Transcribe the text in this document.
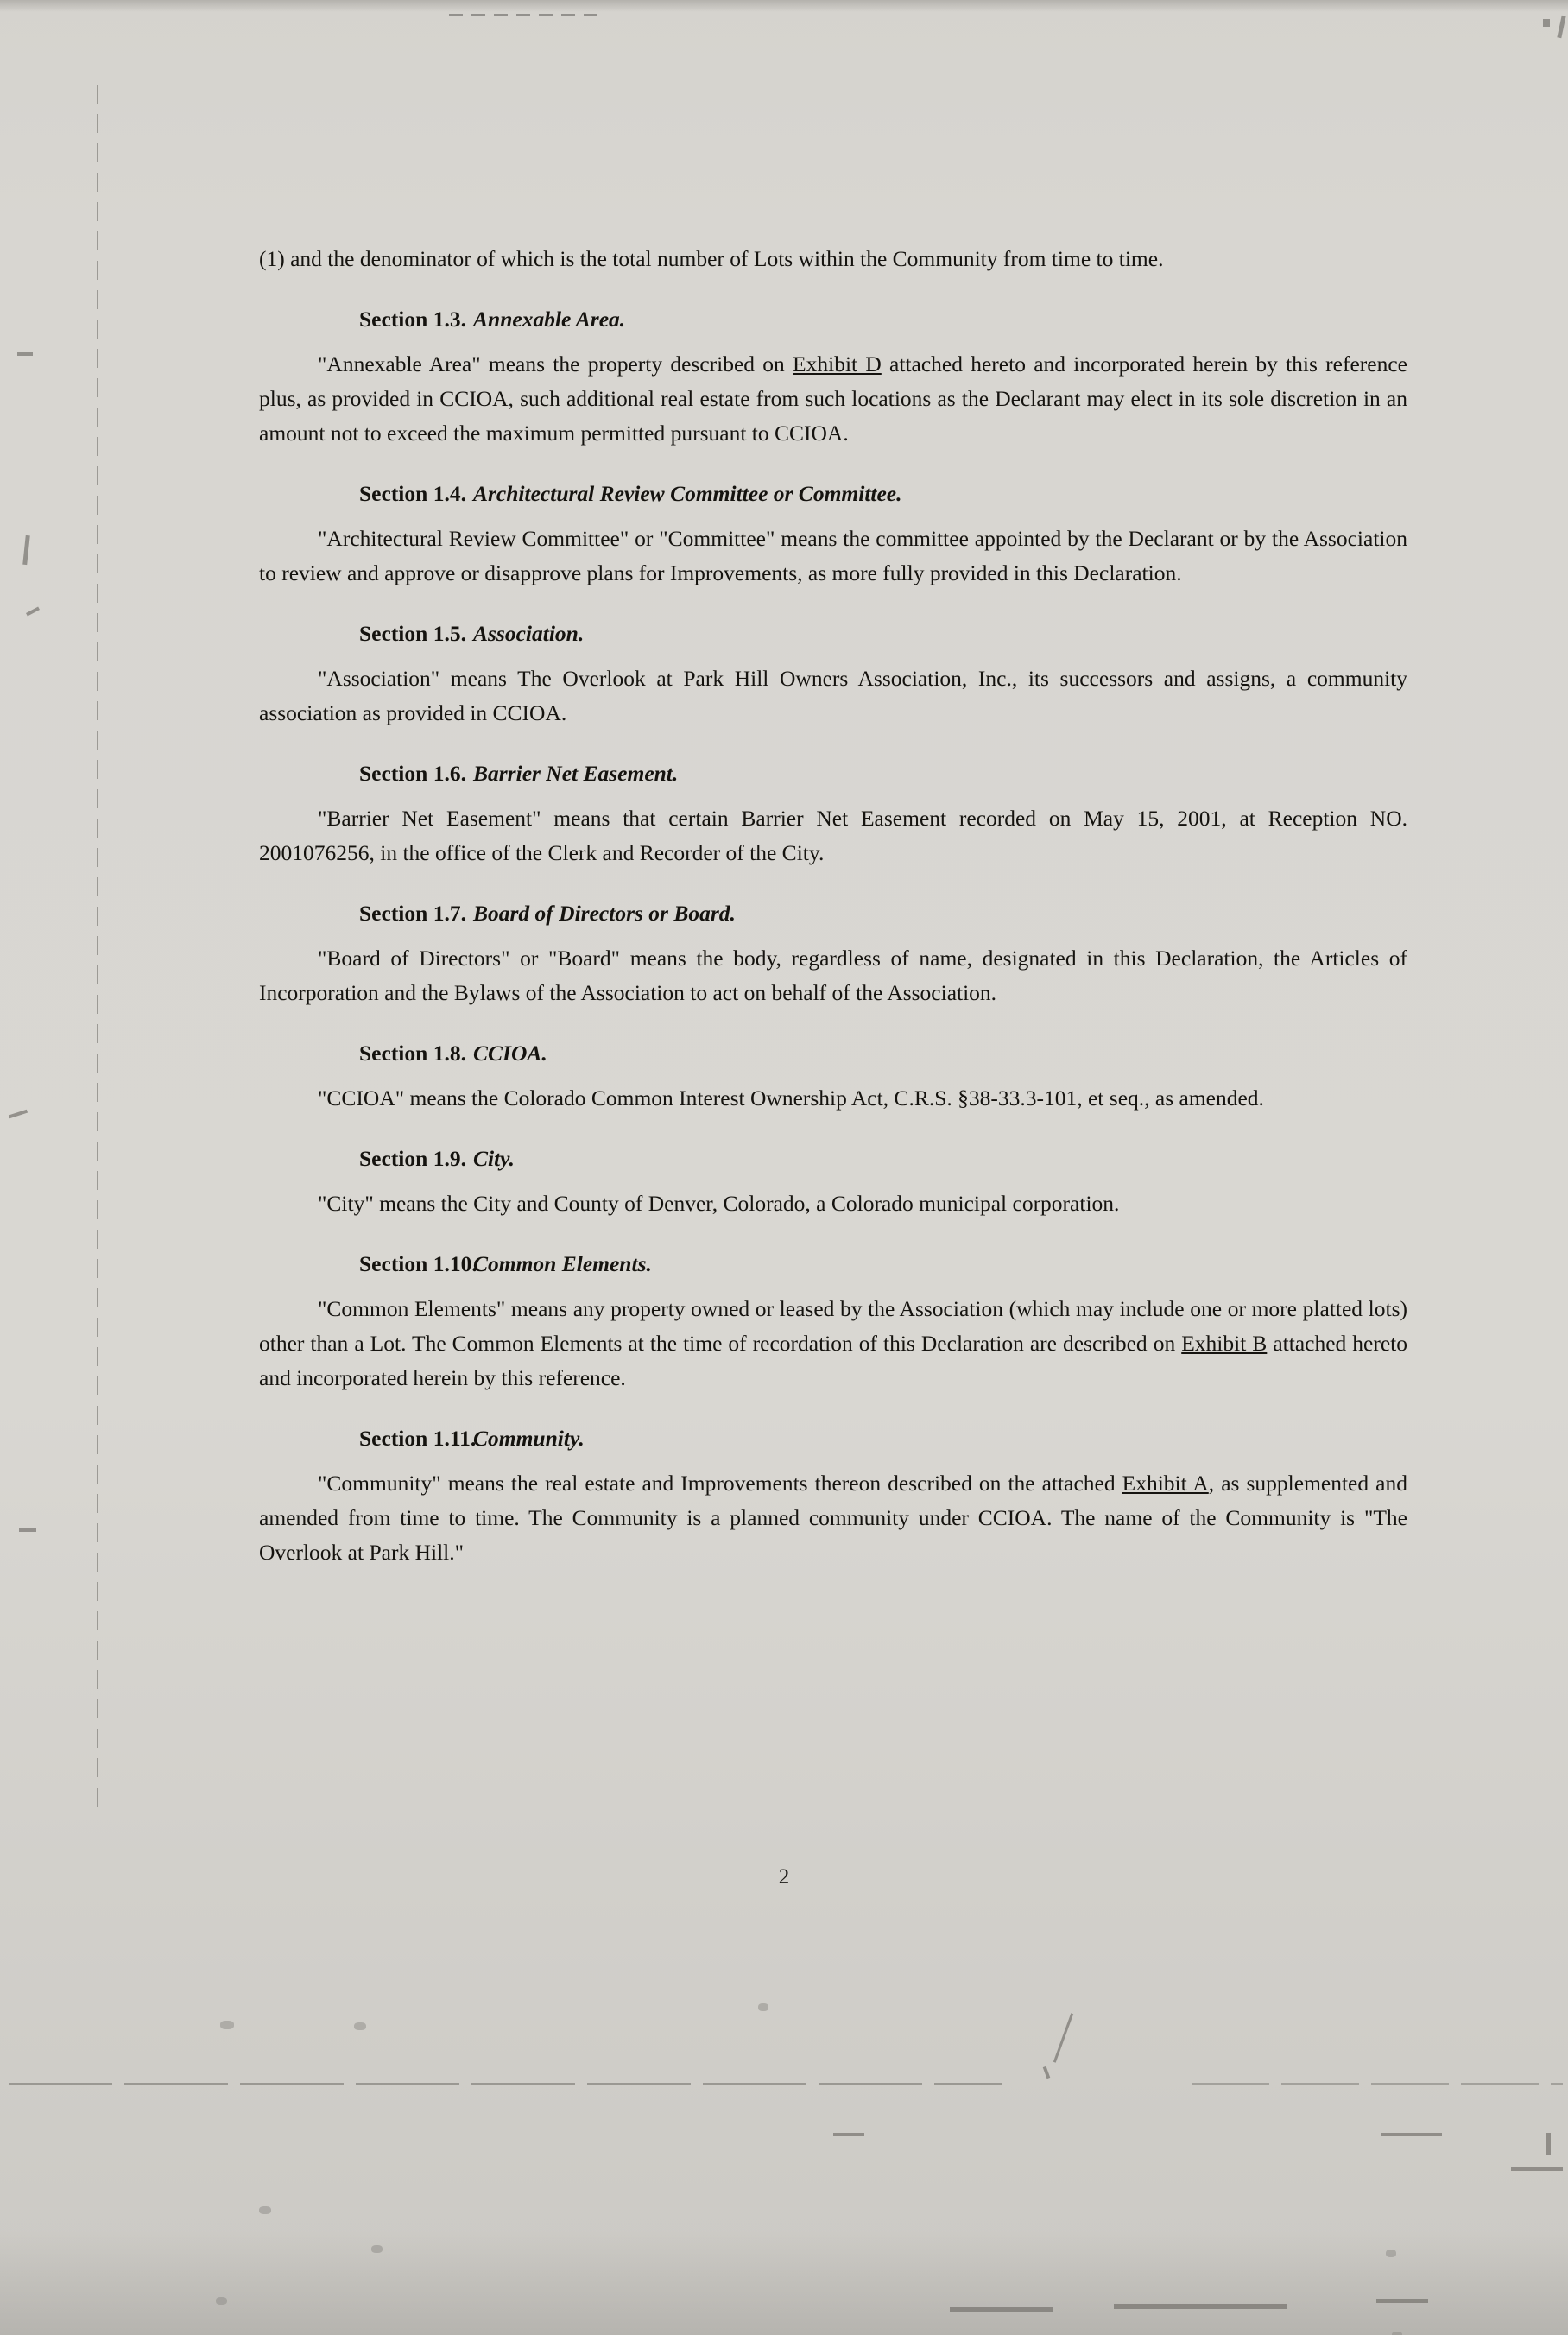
(1) and the denominator of which is the total number of Lots within the Community from time to time.

Section 1.3. Annexable Area.

"Annexable Area" means the property described on Exhibit D attached hereto and incorporated herein by this reference plus, as provided in CCIOA, such additional real estate from such locations as the Declarant may elect in its sole discretion in an amount not to exceed the maximum permitted pursuant to CCIOA.

Section 1.4. Architectural Review Committee or Committee.

"Architectural Review Committee" or "Committee" means the committee appointed by the Declarant or by the Association to review and approve or disapprove plans for Improvements, as more fully provided in this Declaration.

Section 1.5. Association.

"Association" means The Overlook at Park Hill Owners Association, Inc., its successors and assigns, a community association as provided in CCIOA.

Section 1.6. Barrier Net Easement.

"Barrier Net Easement" means that certain Barrier Net Easement recorded on May 15, 2001, at Reception NO. 2001076256, in the office of the Clerk and Recorder of the City.

Section 1.7. Board of Directors or Board.

"Board of Directors" or "Board" means the body, regardless of name, designated in this Declaration, the Articles of Incorporation and the Bylaws of the Association to act on behalf of the Association.

Section 1.8. CCIOA.

"CCIOA" means the Colorado Common Interest Ownership Act, C.R.S. §38-33.3-101, et seq., as amended.

Section 1.9. City.

"City" means the City and County of Denver, Colorado, a Colorado municipal corporation.

Section 1.10.
Common Elements.

"Common Elements" means any property owned or leased by the Association (which may include one or more platted lots) other than a Lot. The Common Elements at the time of recordation of this Declaration are described on Exhibit B attached hereto and incorporated herein by this reference.

Section 1.11.
Community.

"Community" means the real estate and Improvements thereon described on the attached Exhibit A, as supplemented and amended from time to time. The Community is a planned community under CCIOA. The name of the Community is "The Overlook at Park Hill."

2
